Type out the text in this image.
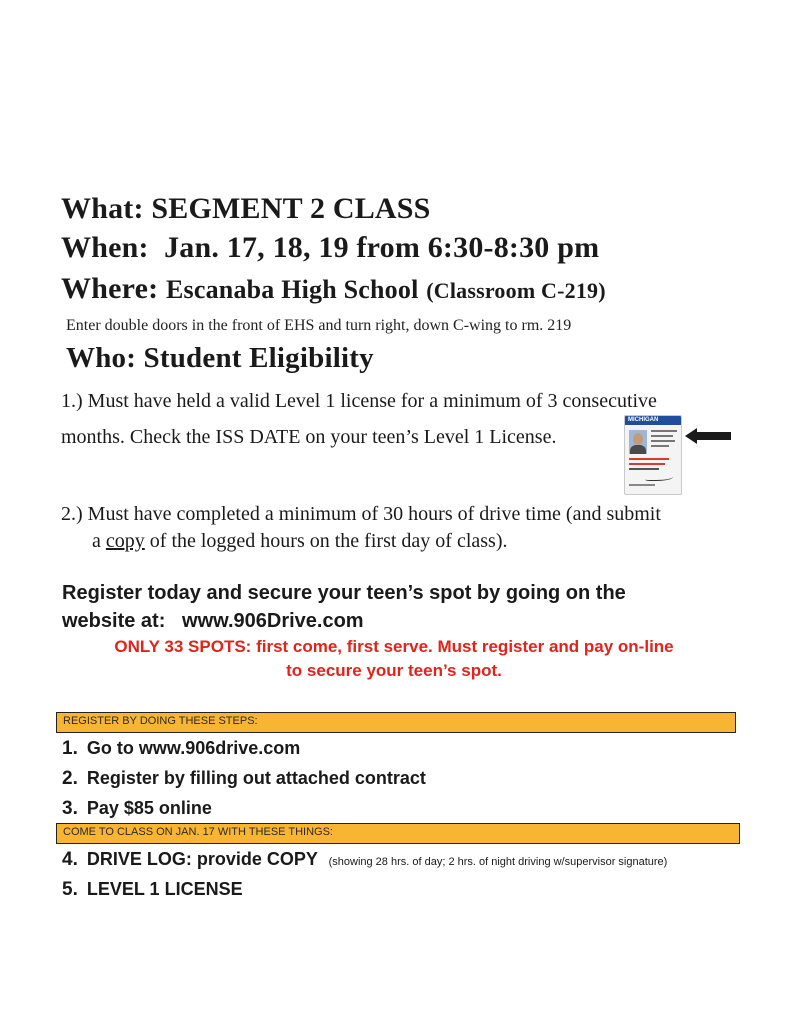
What: SEGMENT 2 CLASS
When: Jan. 17, 18, 19 from 6:30-8:30 pm
Where: Escanaba High School (Classroom C-219)
Enter double doors in the front of EHS and turn right, down C-wing to rm. 219
Who: Student Eligibility
1.) Must have held a valid Level 1 license for a minimum of 3 consecutive
months. Check the ISS DATE on your teen’s Level 1 License.
MICHIGAN
2.) Must have completed a minimum of 30 hours of drive time (and submit
a copy of the logged hours on the first day of class).
Register today and secure your teen’s spot by going on the
website at: www.906Drive.com
ONLY 33 SPOTS: first come, first serve. Must register and pay on-line
to secure your teen’s spot.
REGISTER BY DOING THESE STEPS:
1. Go to www.906drive.com
2. Register by filling out attached contract
3. Pay $85 online
COME TO CLASS ON JAN. 17 WITH THESE THINGS:
4. DRIVE LOG: provide COPY (showing 28 hrs. of day; 2 hrs. of night driving w/supervisor signature)
5. LEVEL 1 LICENSE
